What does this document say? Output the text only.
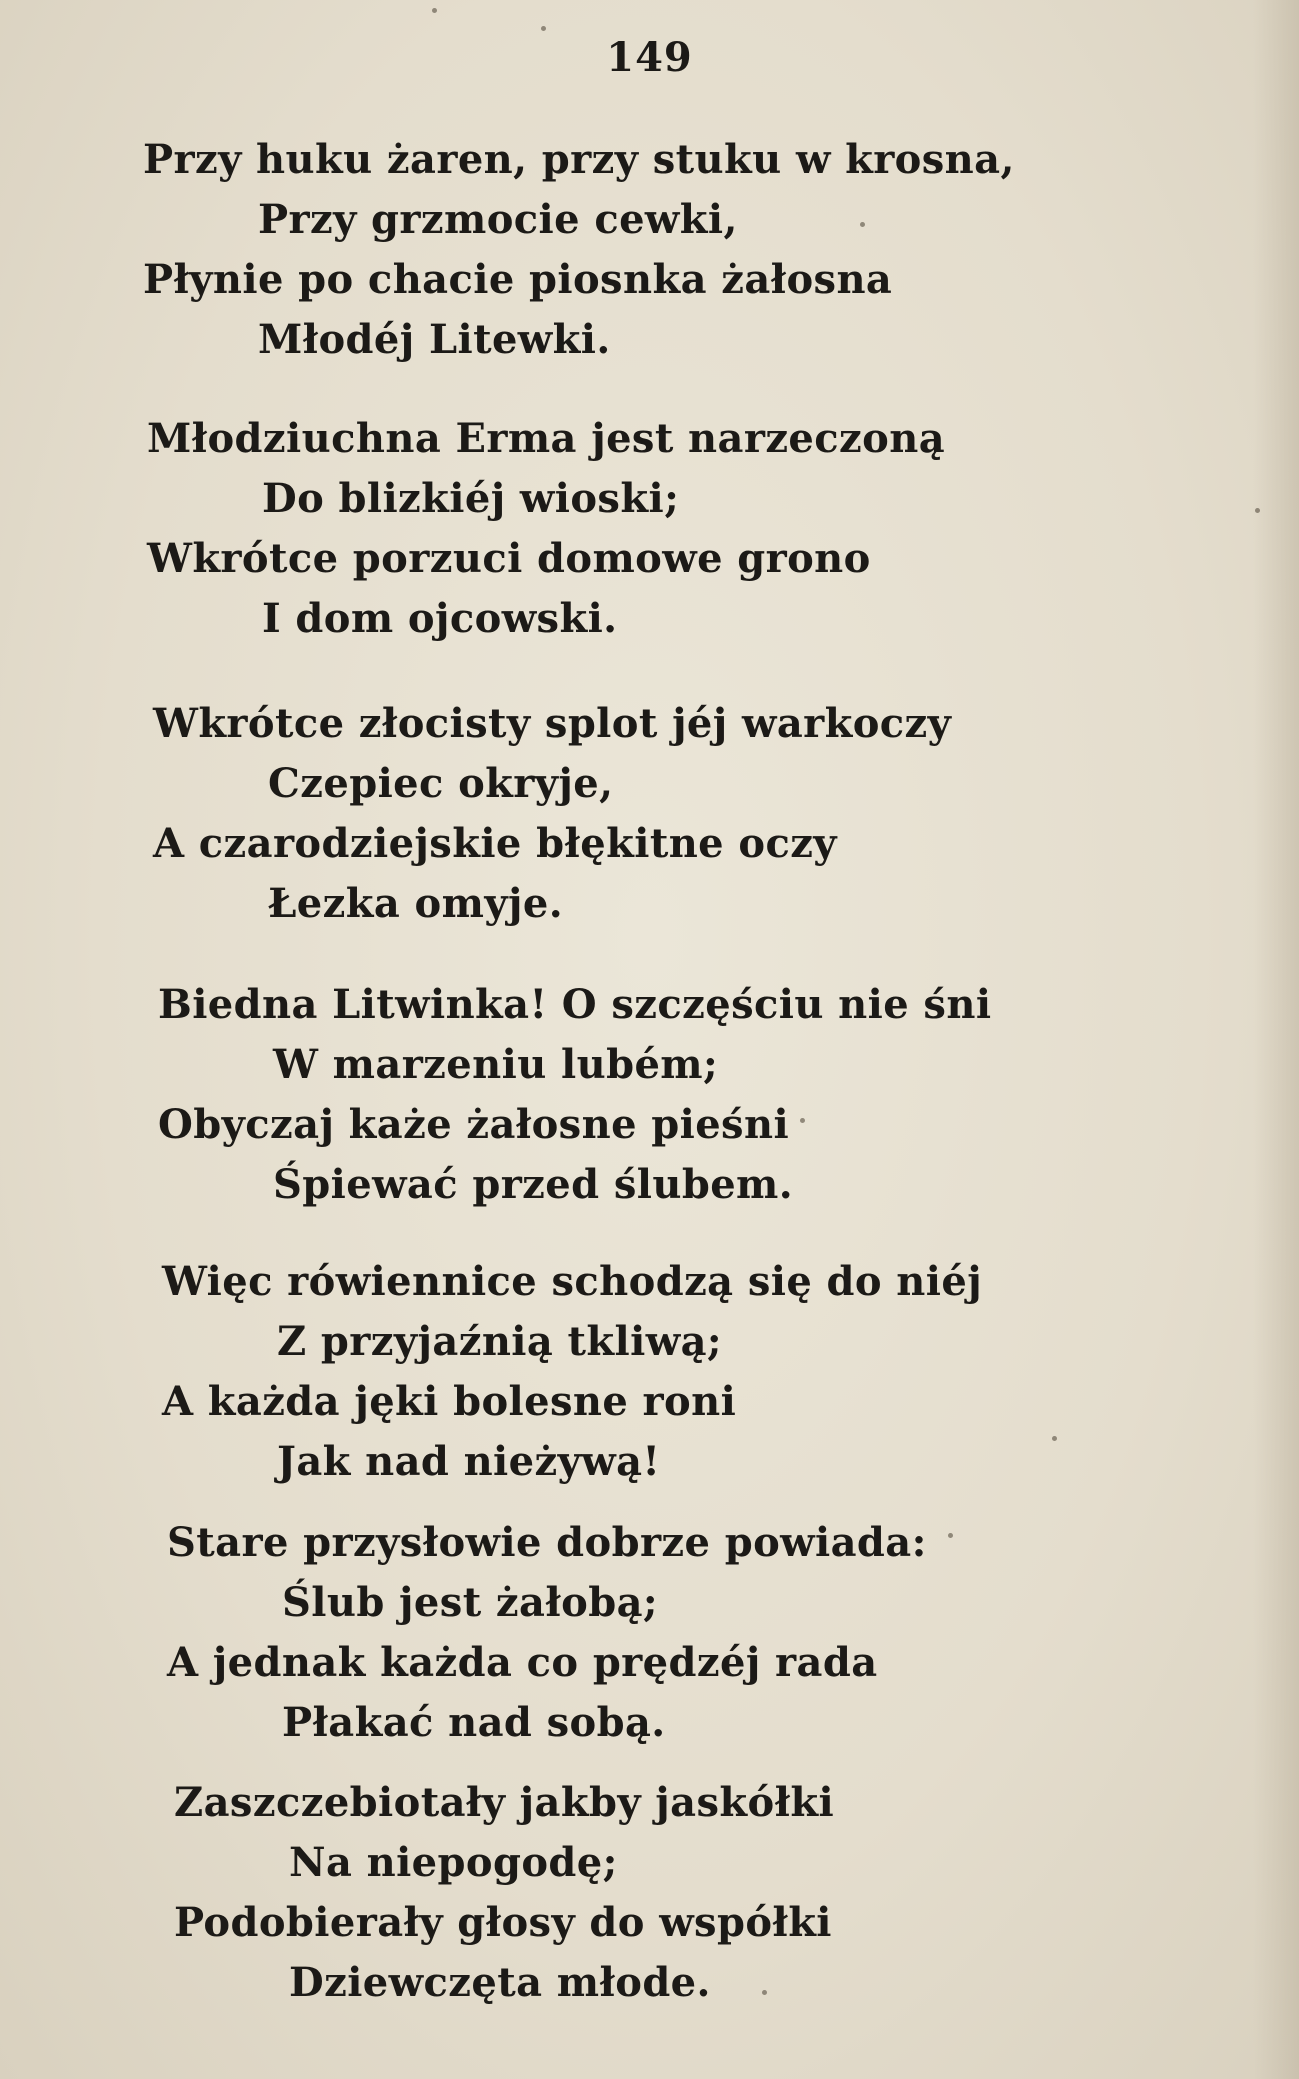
149
Przy huku żaren, przy stuku w krosna,
Przy grzmocie cewki,
Płynie po chacie piosnka żałosna
Młodéj Litewki.
Młodziuchna Erma jest narzeczoną
Do blizkiéj wioski;
Wkrótce porzuci domowe grono
I dom ojcowski.
Wkrótce złocisty splot jéj warkoczy
Czepiec okryje,
A czarodziejskie błękitne oczy
Łezka omyje.
Biedna Litwinka! O szczęściu nie śni
W marzeniu lubém;
Obyczaj każe żałosne pieśni
Śpiewać przed ślubem.
Więc rówiennice schodzą się do niéj
Z przyjaźnią tkliwą;
A każda jęki bolesne roni
Jak nad nieżywą!
Stare przysłowie dobrze powiada:
Ślub jest żałobą;
A jednak każda co prędzéj rada
Płakać nad sobą.
Zaszczebiotały jakby jaskółki
Na niepogodę;
Podobierały głosy do współki
Dziewczęta młode.
